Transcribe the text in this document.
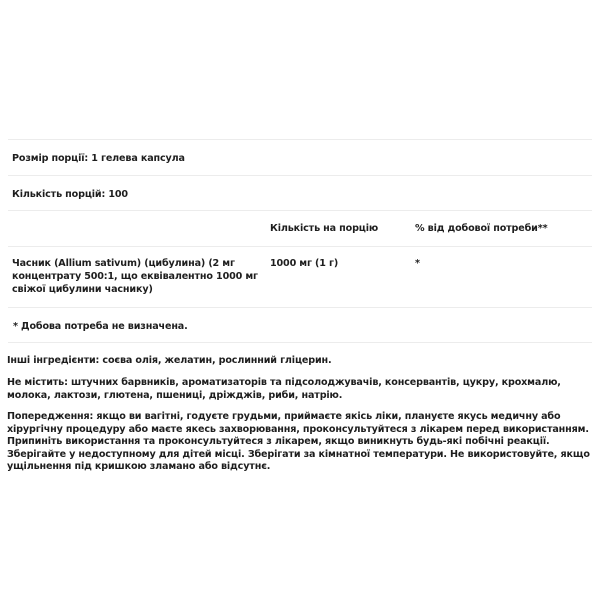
Розмір порції: 1 гелева капсула
Кількість порцій: 100
Кількість на порцію	% від добової потреби**
Часник (Allium sativum) (цибулина) (2 мг концентрату 500:1, що еквівалентно 1000 мг свіжої цибулини часнику)
1000 мг (1 г)	*
* Добова потреба не визначена.
Інші інгредієнти: соєва олія, желатин, рослинний гліцерин.
Не містить: штучних барвників, ароматизаторів та підсолоджувачів, консервантів, цукру, крохмалю, молока, лактози, глютена, пшениці, дріжджів, риби, натрію.
Попередження: якщо ви вагітні, годуєте грудьми, приймаєте якісь ліки, плануєте якусь медичну або хірургічну процедуру або маєте якесь захворювання, проконсультуйтеся з лікарем перед використанням. Припиніть використання та проконсультуйтеся з лікарем, якщо виникнуть будь-які побічні реакції. Зберігайте у недоступному для дітей місці. Зберігати за кімнатної температури. Не використовуйте, якщо ущільнення під кришкою зламано або відсутнє.
